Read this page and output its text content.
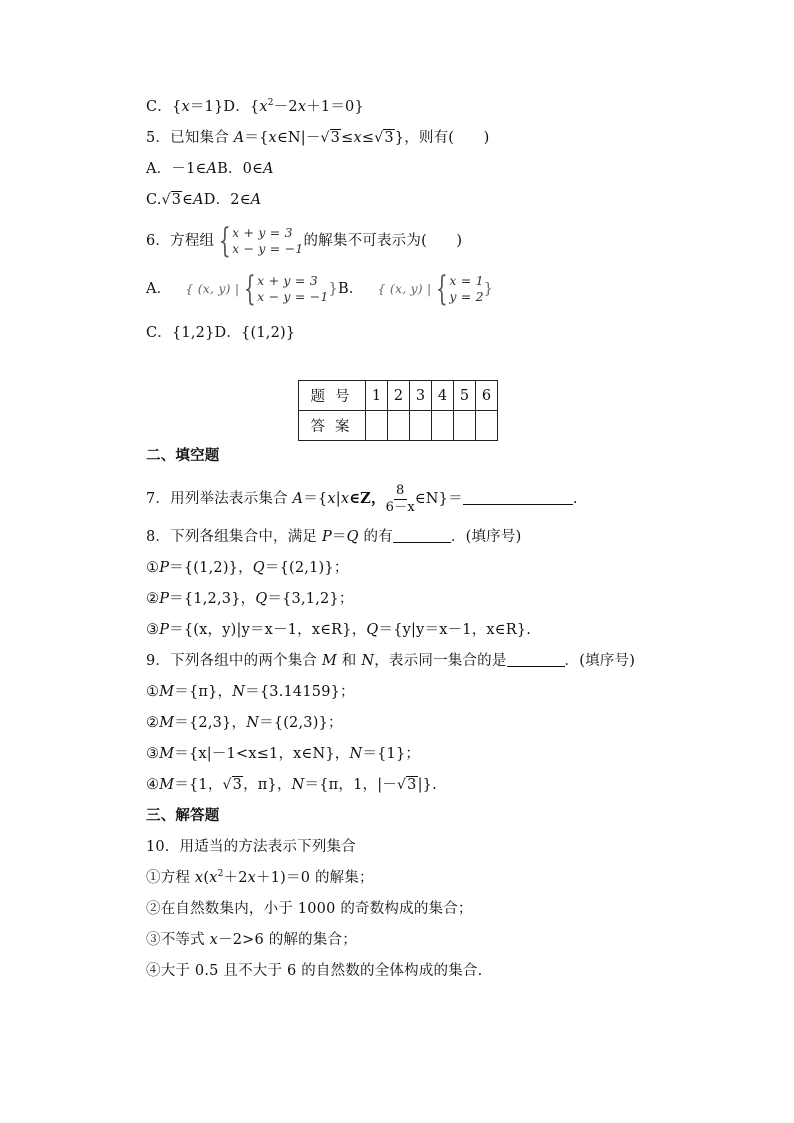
C．{x＝1}D．$\{x^2-2x+1=0\}$
5．已知集合 A＝{x∈N|－√3≤x≤√3}，则有(　　)
A．－1∈AB．0∈A
C.√3∈AD．2∈A
6．方程组 { x + y = 3
x − y = −1 的解集不可表示为(　　)
A． { (x, y) | { x + y = 3
x − y = −1 }B． { (x, y) | { x = 1
y = 2 }
C．{1,2}D．{(1,2)}
题号	1	2	3	4	5	6
答案						
二、填空题
7．用列举法表示集合 A＝{x|x∈Z， $\frac{8}{6-x}$ ∈N}＝	.
8．下列各组集合中，满足 P＝Q 的有	．(填序号)
①P＝{(1,2)}，Q＝{(2,1)}；
②P＝{1,2,3}，Q＝{3,1,2}；
③P＝{(x，y)|y＝x－1，x∈R}，Q＝{y|y＝x－1，x∈R}.
9．下列各组中的两个集合 M 和 N，表示同一集合的是	．(填序号)
①M＝{π}，N＝{3.14159}；
②M＝{2,3}，N＝{(2,3)}；
③M＝{x|－1<x≤1，x∈N}，N＝{1}；
④M＝{1，√3，π}，N＝{π，1，|－√3|}.
三、解答题
10．用适当的方法表示下列集合
①方程 $x(x^2+2x+1)=0$ 的解集；
②在自然数集内，小于 1000 的奇数构成的集合；
③不等式 x－2>6 的解的集合；
④大于 0.5 且不大于 6 的自然数的全体构成的集合.
